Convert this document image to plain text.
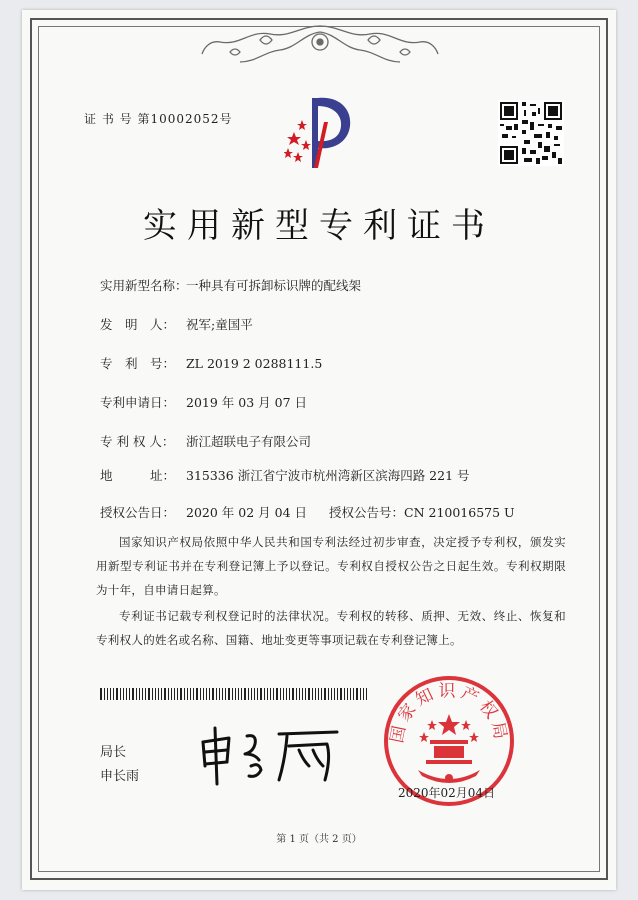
证 书 号 第10002052号
实用新型专利证书
实用新型名称：一种具有可拆卸标识牌的配线架
发　明　人： 祝军;童国平
专　利　号： ZL 2019 2 0288111.5
专利申请日： 2019 年 03 月 07 日
专 利 权 人： 浙江超联电子有限公司
地　　　址： 315336 浙江省宁波市杭州湾新区滨海四路 221 号
授权公告日： 2020 年 02 月 04 日 授权公告号：CN 210016575 U
国家知识产权局依照中华人民共和国专利法经过初步审查，决定授予专利权，颁发实用新型专利证书并在专利登记簿上予以登记。专利权自授权公告之日起生效。专利权期限为十年，自申请日起算。
专利证书记载专利权登记时的法律状况。专利权的转移、质押、无效、终止、恢复和专利权人的姓名或名称、国籍、地址变更等事项记载在专利登记簿上。
局长
申长雨
国家知识产权局
2020年02月04日
第 1 页（共 2 页）
